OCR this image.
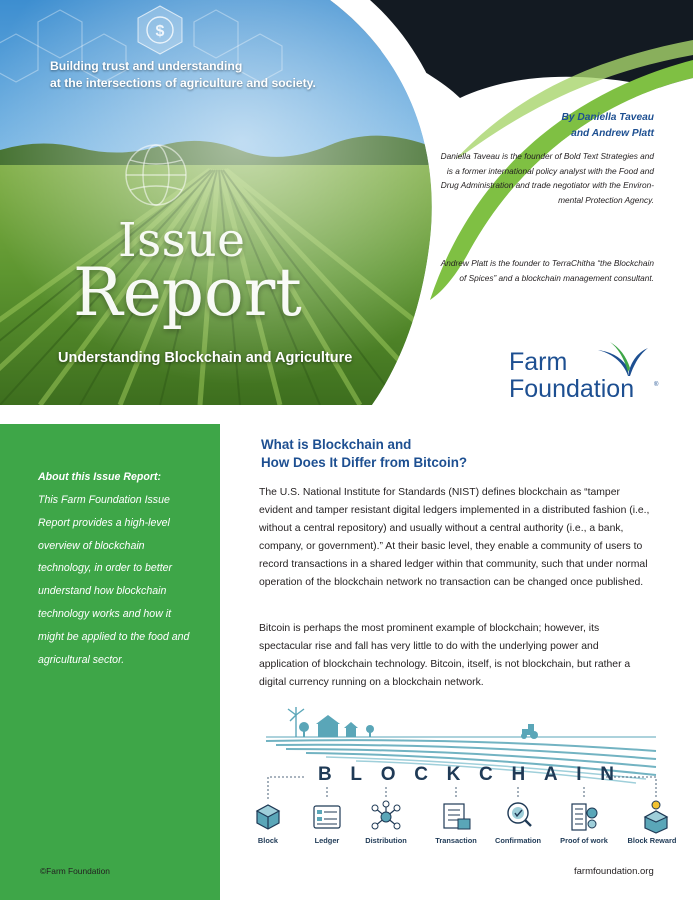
$
Building trust and understanding
at the intersections of agriculture and society.
Issue
Report
Understanding Blockchain and Agriculture
By Daniella Taveau
and Andrew Platt

Daniella Taveau is the founder of Bold Text Strategies and is a former international policy analyst with the Food and Drug Administration and trade negotiator with the Environ-mental Protection Agency.

Andrew Platt is the founder to TerraChitha “the Blockchain of Spices” and a blockchain management consultant.

Farm
Foundation	®
About this Issue Report:

This Farm Foundation Issue Report provides a high-level overview of blockchain technology, in order to better understand how blockchain technology works and how it might be applied to the food and agricultural sector.

©Farm Foundation
What is Blockchain and
How Does It Differ from Bitcoin?

The U.S. National Institute for Standards (NIST) defines blockchain as “tamper evident and tamper resistant digital ledgers implemented in a distributed fashion (i.e., without a central repository) and usually without a central authority (i.e., a bank, company, or government).” At their basic level, they enable a community of users to record transactions in a shared ledger within that community, such that under normal operation of the blockchain network no transaction can be changed once published.

Bitcoin is perhaps the most prominent example of blockchain; however, its spectacular rise and fall has very little to do with the underlying power and application of blockchain technology. Bitcoin, itself, is not blockchain, but rather a digital currency running on a blockchain network.

B L O C K C H A I N
Block	Ledger	Distribution	Transaction	Confirmation	Proof of work	Block Reward
farmfoundation.org
